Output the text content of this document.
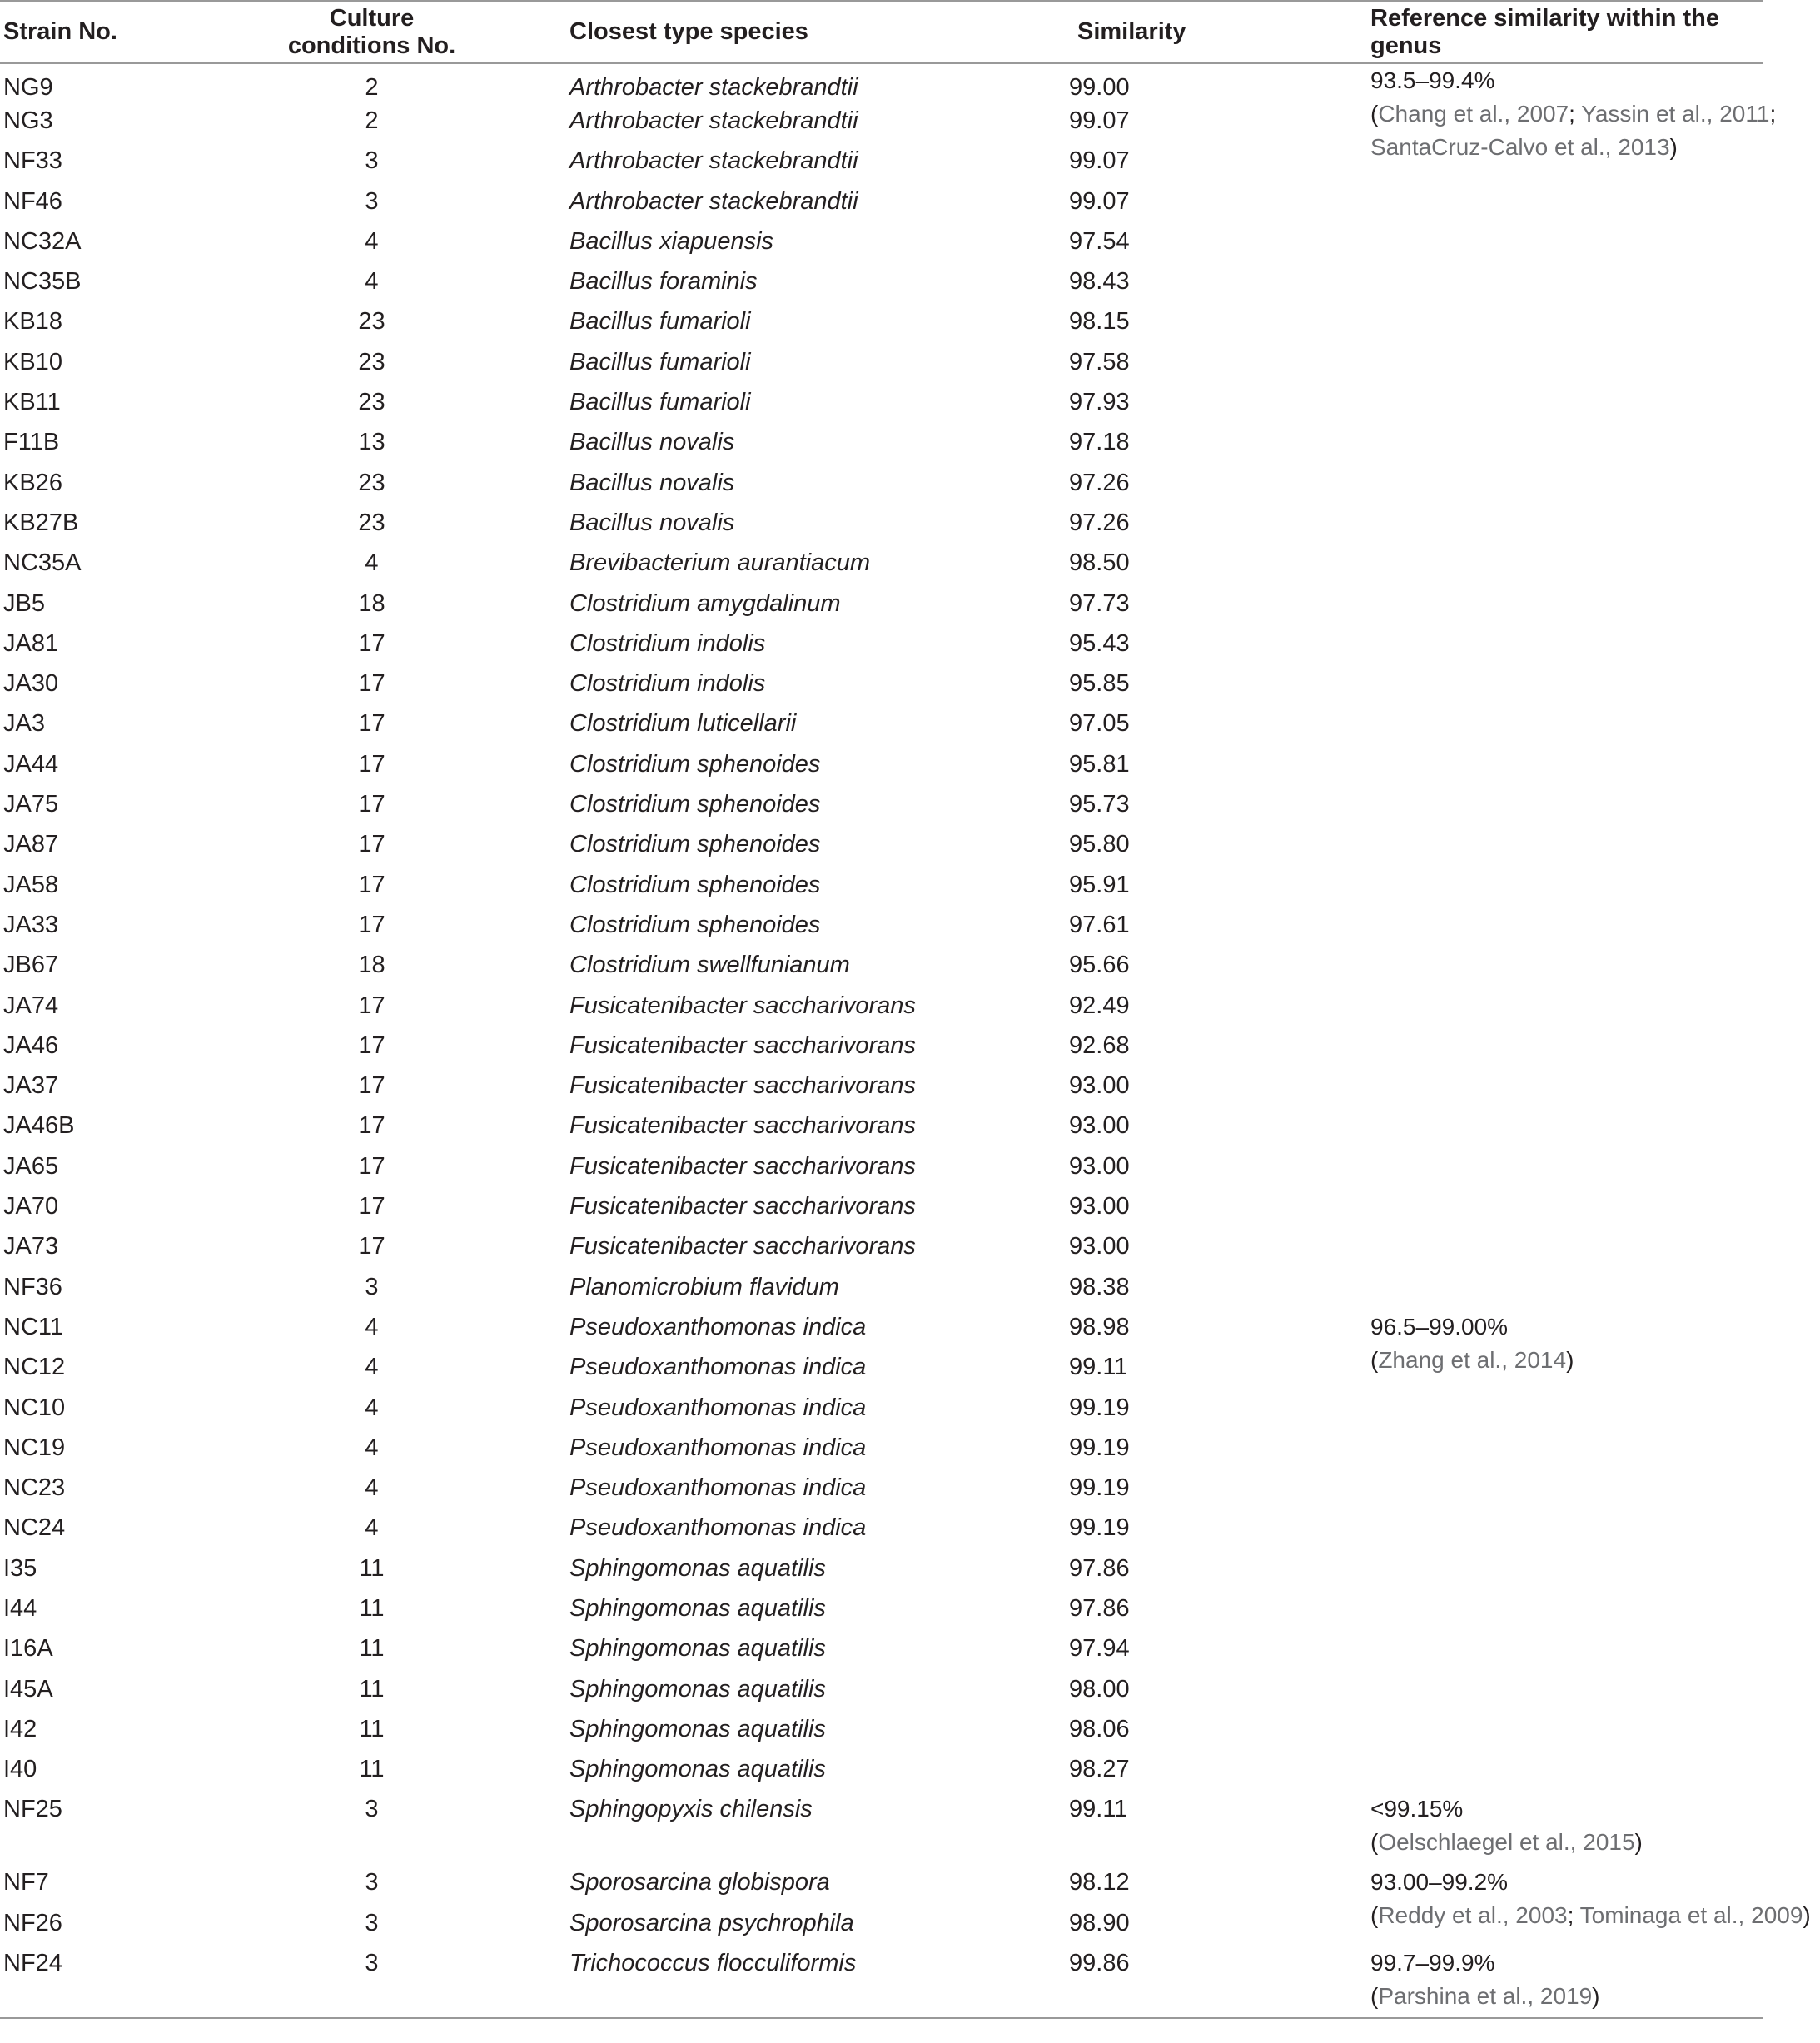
Strain No.	Culture conditions No.	Closest type species	Similarity	Reference similarity within the genus
NG9	2	Arthrobacter stackebrandtii	99.00	93.5–99.4%
(Chang et al., 2007; Yassin et al., 2011;
SantaCruz-Calvo et al., 2013)

NG3	2	Arthrobacter stackebrandtii	99.07	
NF33	3	Arthrobacter stackebrandtii	99.07	
NF46	3	Arthrobacter stackebrandtii	99.07	
NC32A	4	Bacillus xiapuensis	97.54	
NC35B	4	Bacillus foraminis	98.43	
KB18	23	Bacillus fumarioli	98.15	
KB10	23	Bacillus fumarioli	97.58	
KB11	23	Bacillus fumarioli	97.93	
F11B	13	Bacillus novalis	97.18	
KB26	23	Bacillus novalis	97.26	
KB27B	23	Bacillus novalis	97.26	
NC35A	4	Brevibacterium aurantiacum	98.50	
JB5	18	Clostridium amygdalinum	97.73	
JA81	17	Clostridium indolis	95.43	
JA30	17	Clostridium indolis	95.85	
JA3	17	Clostridium luticellarii	97.05	
JA44	17	Clostridium sphenoides	95.81	
JA75	17	Clostridium sphenoides	95.73	
JA87	17	Clostridium sphenoides	95.80	
JA58	17	Clostridium sphenoides	95.91	
JA33	17	Clostridium sphenoides	97.61	
JB67	18	Clostridium swellfunianum	95.66	
JA74	17	Fusicatenibacter saccharivorans	92.49	
JA46	17	Fusicatenibacter saccharivorans	92.68	
JA37	17	Fusicatenibacter saccharivorans	93.00	
JA46B	17	Fusicatenibacter saccharivorans	93.00	
JA65	17	Fusicatenibacter saccharivorans	93.00	
JA70	17	Fusicatenibacter saccharivorans	93.00	
JA73	17	Fusicatenibacter saccharivorans	93.00	
NF36	3	Planomicrobium flavidum	98.38	
NC11	4	Pseudoxanthomonas indica	98.98	96.5–99.00%
(Zhang et al., 2014)

NC12	4	Pseudoxanthomonas indica	99.11	
NC10	4	Pseudoxanthomonas indica	99.19	
NC19	4	Pseudoxanthomonas indica	99.19	
NC23	4	Pseudoxanthomonas indica	99.19	
NC24	4	Pseudoxanthomonas indica	99.19	
I35	11	Sphingomonas aquatilis	97.86	
I44	11	Sphingomonas aquatilis	97.86	
I16A	11	Sphingomonas aquatilis	97.94	
I45A	11	Sphingomonas aquatilis	98.00	
I42	11	Sphingomonas aquatilis	98.06	
I40	11	Sphingomonas aquatilis	98.27	
NF25	3	Sphingopyxis chilensis	99.11	<99.15%
(Oelschlaegel et al., 2015)

NF7	3	Sporosarcina globispora	98.12	93.00–99.2%
(Reddy et al., 2003; Tominaga et al., 2009)

NF26	3	Sporosarcina psychrophila	98.90	
NF24	3	Trichococcus flocculiformis	99.86	99.7–99.9%
(Parshina et al., 2019)
